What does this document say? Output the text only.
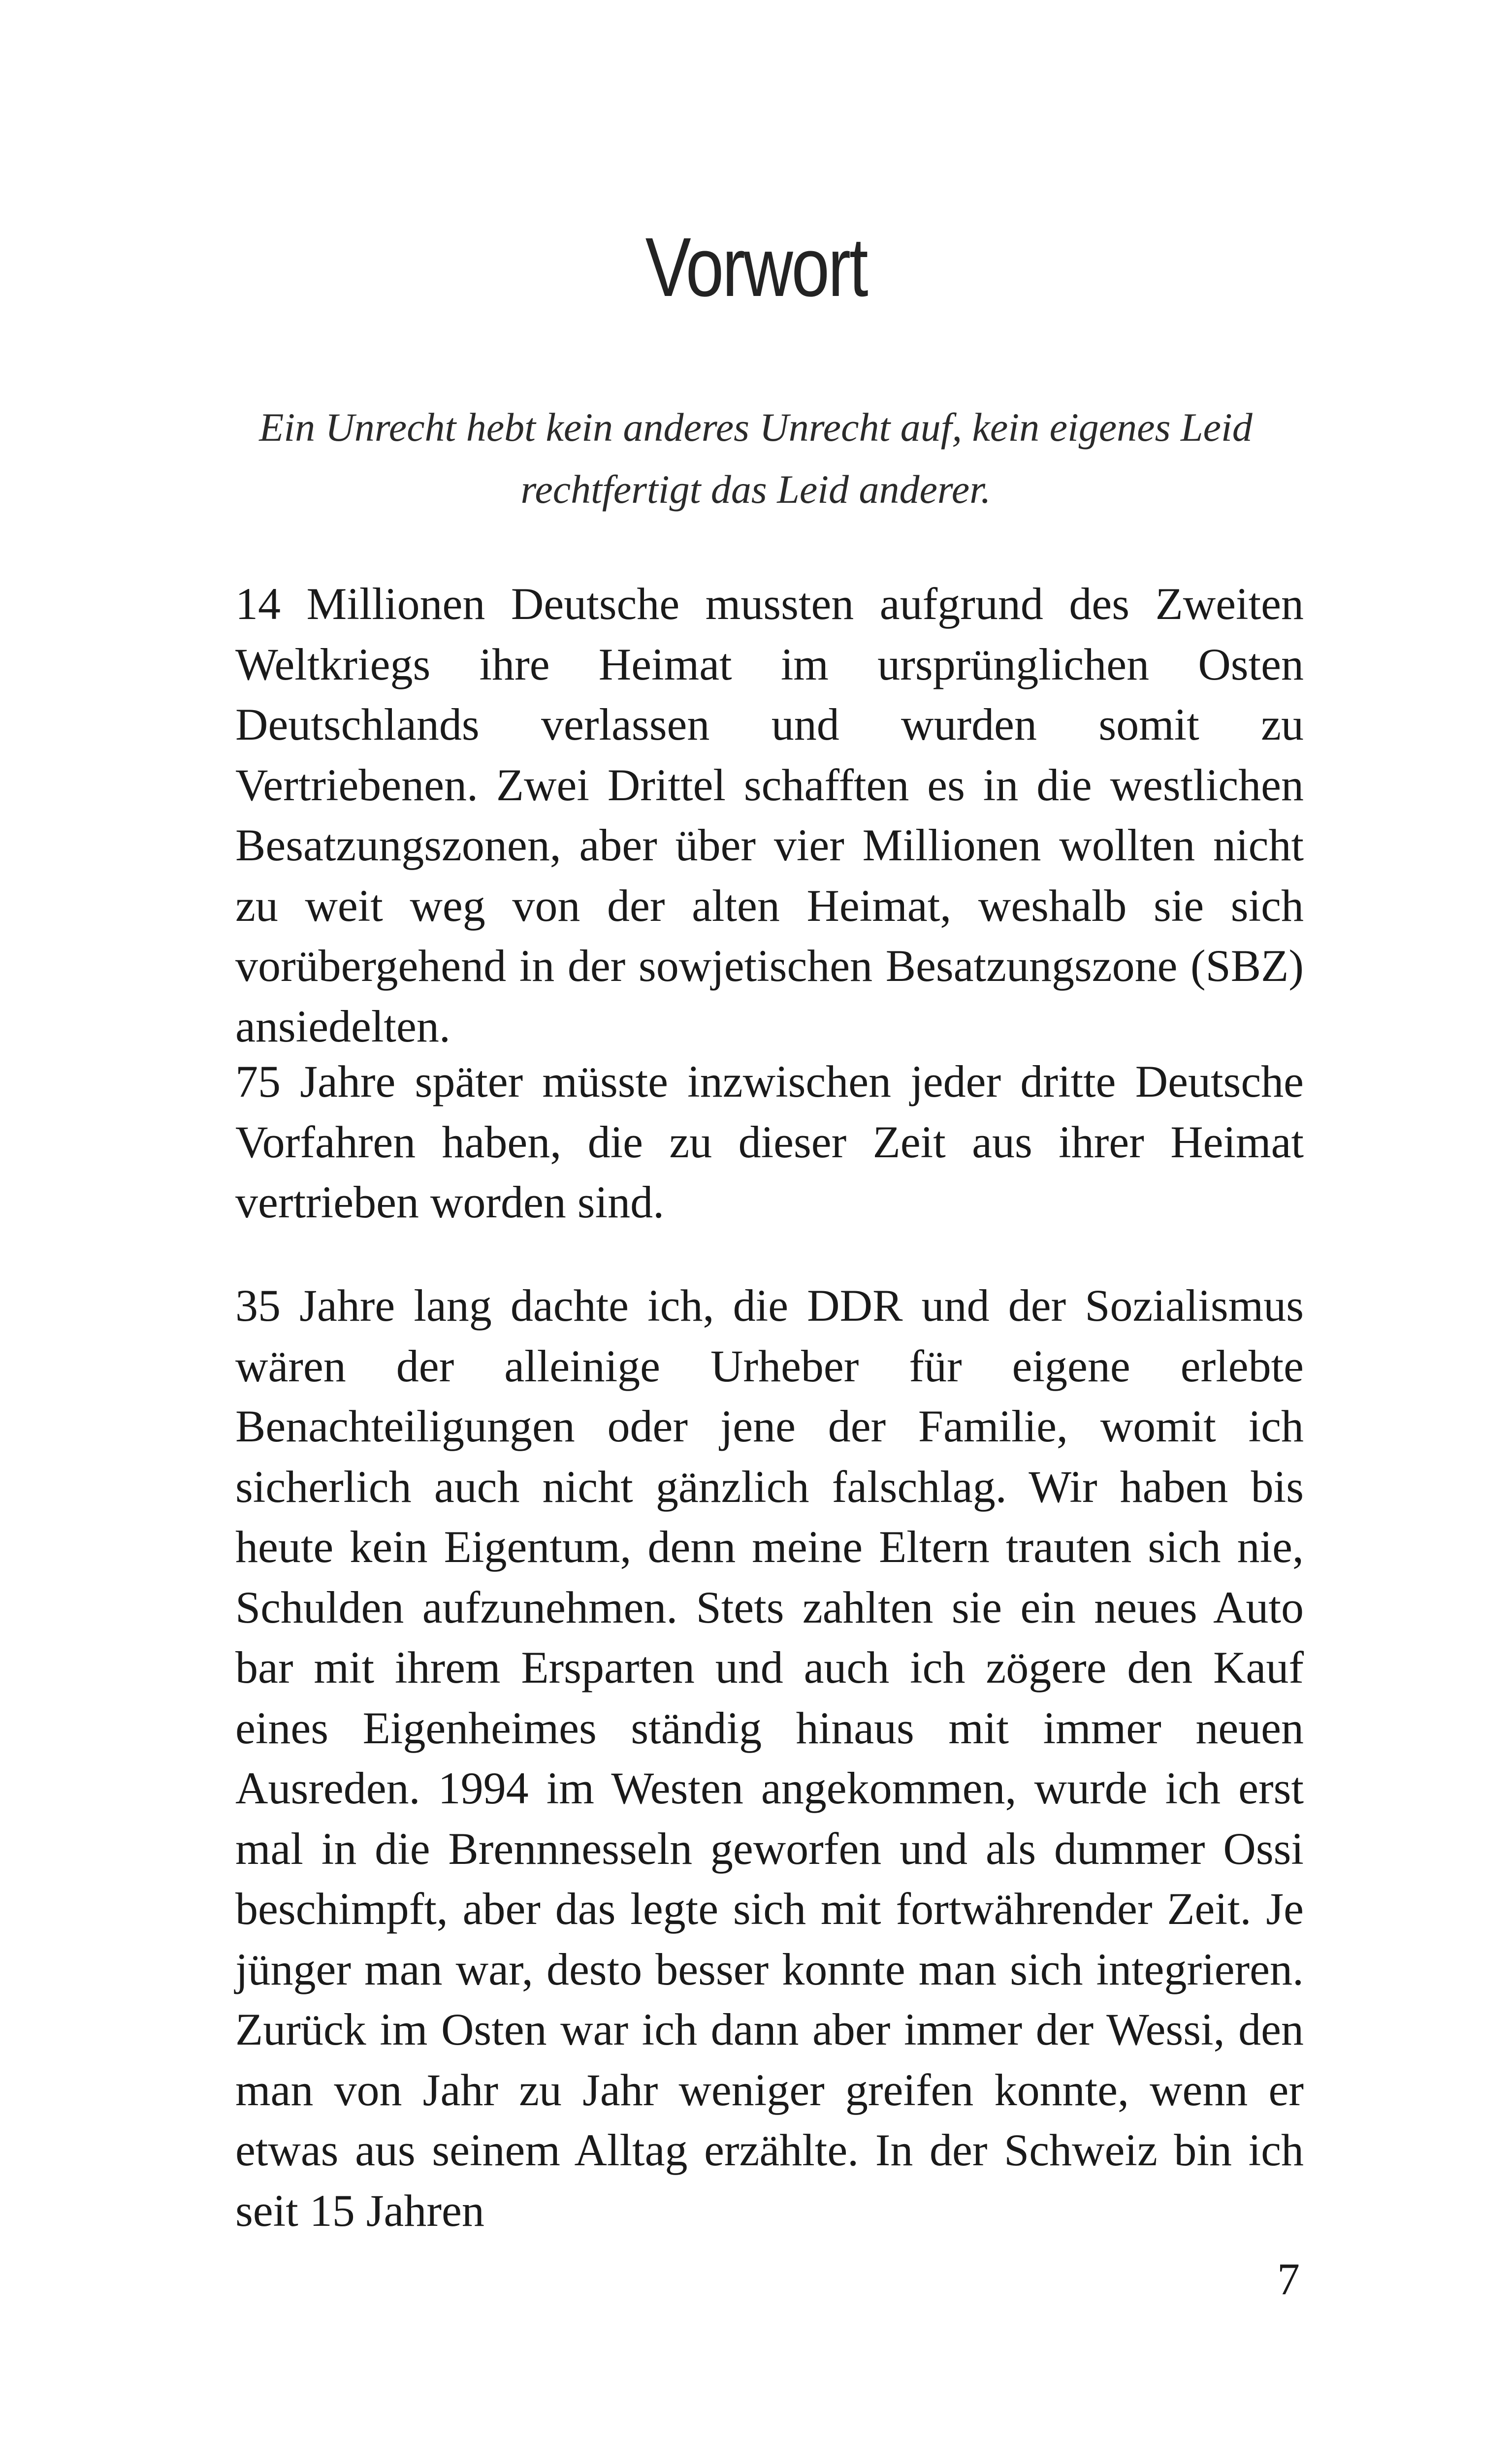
Vorwort

Ein Unrecht hebt kein anderes Unrecht auf, kein eigenes Leid rechtfertigt das Leid anderer.

14 Millionen Deutsche mussten aufgrund des Zweiten Weltkriegs ihre Heimat im ursprünglichen Osten Deutschlands verlassen und wurden somit zu Vertriebenen. Zwei Drittel schafften es in die westlichen Besatzungszonen, aber über vier Millionen wollten nicht zu weit weg von der alten Heimat, weshalb sie sich vorübergehend in der sowjetischen Besatzungszone (SBZ) ansiedelten.

75 Jahre später müsste inzwischen jeder dritte Deutsche Vorfahren haben, die zu dieser Zeit aus ihrer Heimat vertrieben worden sind.

35 Jahre lang dachte ich, die DDR und der Sozialismus wären der alleinige Urheber für eigene erlebte Benachteiligungen oder jene der Familie, womit ich sicherlich auch nicht gänzlich falschlag. Wir haben bis heute kein Eigentum, denn meine Eltern trauten sich nie, Schulden aufzunehmen. Stets zahlten sie ein neues Auto bar mit ihrem Ersparten und auch ich zögere den Kauf eines Eigenheimes ständig hinaus mit immer neuen Ausreden. 1994 im Westen angekommen, wurde ich erst mal in die Brennnesseln geworfen und als dummer Ossi beschimpft, aber das legte sich mit fortwährender Zeit. Je jünger man war, desto besser konnte man sich integrieren. Zurück im Osten war ich dann aber immer der Wessi, den man von Jahr zu Jahr weniger greifen konnte, wenn er etwas aus seinem Alltag erzählte. In der Schweiz bin ich seit 15 Jahren

7
